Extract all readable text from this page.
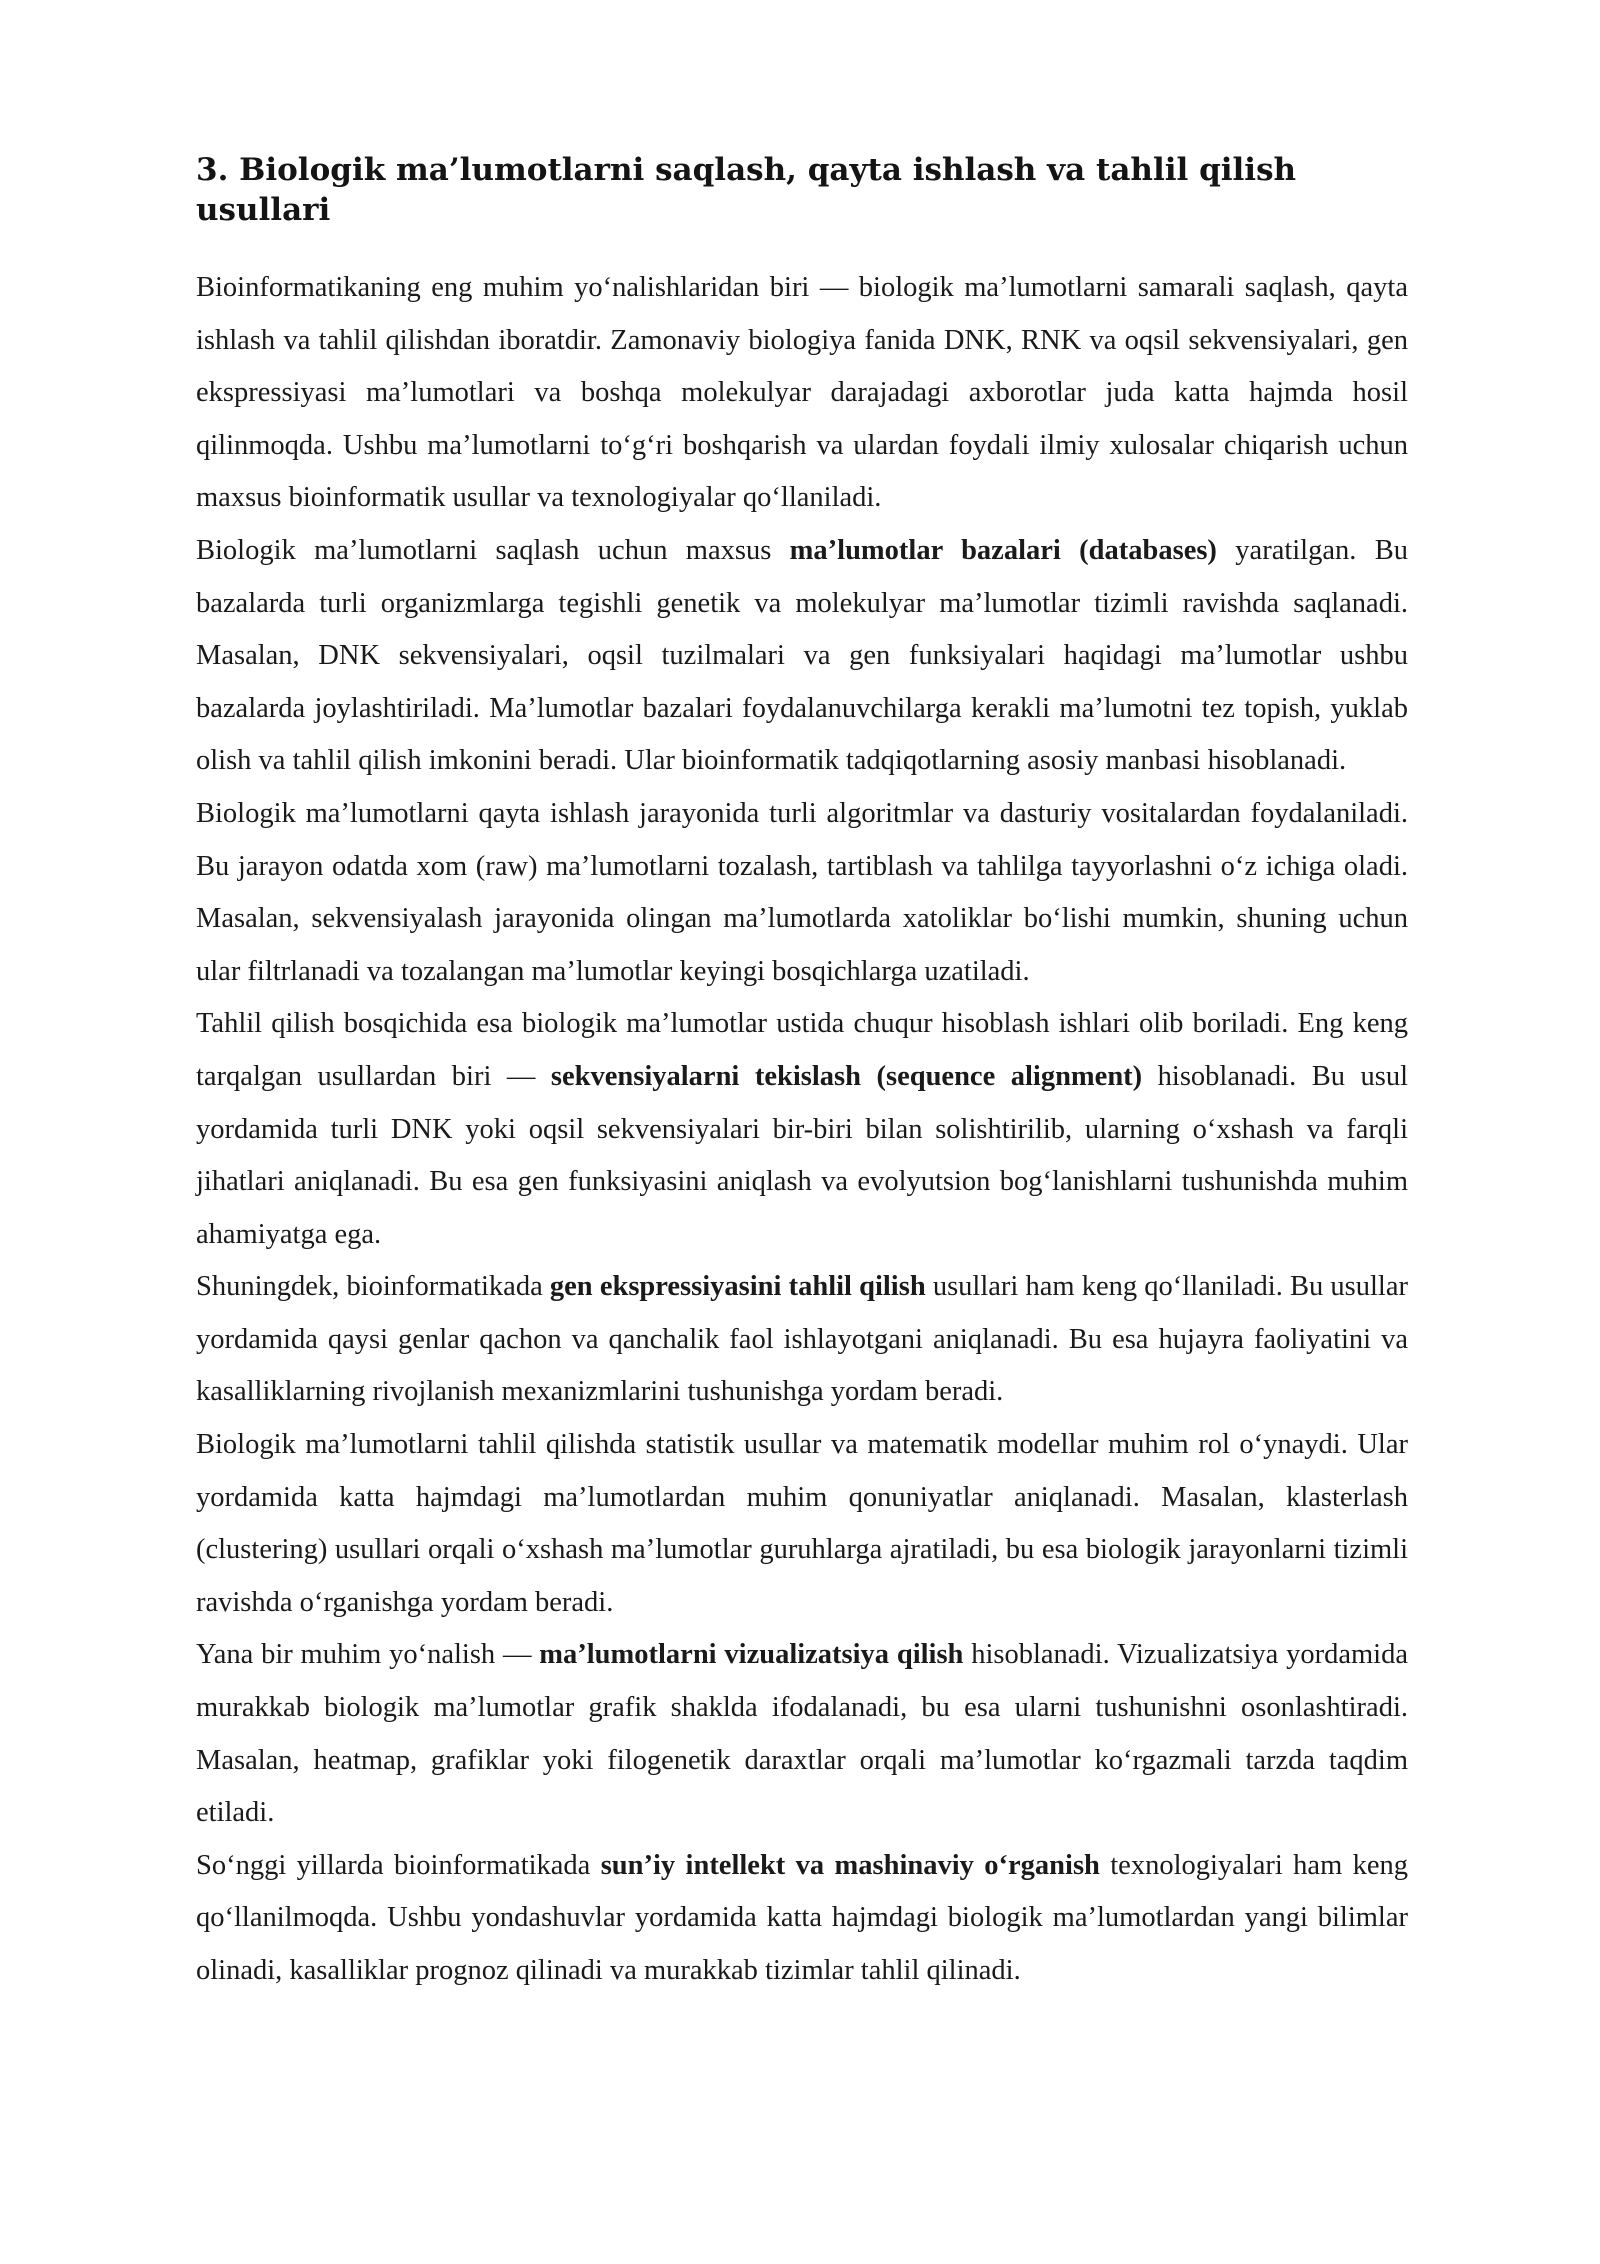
3. Biologik ma’lumotlarni saqlash, qayta ishlash va tahlil qilish usullari

Bioinformatikaning eng muhim yo‘nalishlaridan biri — biologik ma’lumotlarni samarali saqlash, qayta ishlash va tahlil qilishdan iboratdir. Zamonaviy biologiya fanida DNK, RNK va oqsil sekvensiyalari, gen ekspressiyasi ma’lumotlari va boshqa molekulyar darajadagi axborotlar juda katta hajmda hosil qilinmoqda. Ushbu ma’lumotlarni to‘g‘ri boshqarish va ulardan foydali ilmiy xulosalar chiqarish uchun maxsus bioinformatik usullar va texnologiyalar qo‘llaniladi.

Biologik ma’lumotlarni saqlash uchun maxsus ma’lumotlar bazalari (databases) yaratilgan. Bu bazalarda turli organizmlarga tegishli genetik va molekulyar ma’lumotlar tizimli ravishda saqlanadi. Masalan, DNK sekvensiyalari, oqsil tuzilmalari va gen funksiyalari haqidagi ma’lumotlar ushbu bazalarda joylashtiriladi. Ma’lumotlar bazalari foydalanuvchilarga kerakli ma’lumotni tez topish, yuklab olish va tahlil qilish imkonini beradi. Ular bioinformatik tadqiqotlarning asosiy manbasi hisoblanadi.

Biologik ma’lumotlarni qayta ishlash jarayonida turli algoritmlar va dasturiy vositalardan foydalaniladi. Bu jarayon odatda xom (raw) ma’lumotlarni tozalash, tartiblash va tahlilga tayyorlashni o‘z ichiga oladi. Masalan, sekvensiyalash jarayonida olingan ma’lumotlarda xatoliklar bo‘lishi mumkin, shuning uchun ular filtrlanadi va tozalangan ma’lumotlar keyingi bosqichlarga uzatiladi.

Tahlil qilish bosqichida esa biologik ma’lumotlar ustida chuqur hisoblash ishlari olib boriladi. Eng keng tarqalgan usullardan biri — sekvensiyalarni tekislash (sequence alignment) hisoblanadi. Bu usul yordamida turli DNK yoki oqsil sekvensiyalari bir-biri bilan solishtirilib, ularning o‘xshash va farqli jihatlari aniqlanadi. Bu esa gen funksiyasini aniqlash va evolyutsion bog‘lanishlarni tushunishda muhim ahamiyatga ega.

Shuningdek, bioinformatikada gen ekspressiyasini tahlil qilish usullari ham keng qo‘llaniladi. Bu usullar yordamida qaysi genlar qachon va qanchalik faol ishlayotgani aniqlanadi. Bu esa hujayra faoliyatini va kasalliklarning rivojlanish mexanizmlarini tushunishga yordam beradi.

Biologik ma’lumotlarni tahlil qilishda statistik usullar va matematik modellar muhim rol o‘ynaydi. Ular yordamida katta hajmdagi ma’lumotlardan muhim qonuniyatlar aniqlanadi. Masalan, klasterlash (clustering) usullari orqali o‘xshash ma’lumotlar guruhlarga ajratiladi, bu esa biologik jarayonlarni tizimli ravishda o‘rganishga yordam beradi.

Yana bir muhim yo‘nalish — ma’lumotlarni vizualizatsiya qilish hisoblanadi. Vizualizatsiya yordamida murakkab biologik ma’lumotlar grafik shaklda ifodalanadi, bu esa ularni tushunishni osonlashtiradi. Masalan, heatmap, grafiklar yoki filogenetik daraxtlar orqali ma’lumotlar ko‘rgazmali tarzda taqdim etiladi.

So‘nggi yillarda bioinformatikada sun’iy intellekt va mashinaviy o‘rganish texnologiyalari ham keng qo‘llanilmoqda. Ushbu yondashuvlar yordamida katta hajmdagi biologik ma’lumotlardan yangi bilimlar olinadi, kasalliklar prognoz qilinadi va murakkab tizimlar tahlil qilinadi.
